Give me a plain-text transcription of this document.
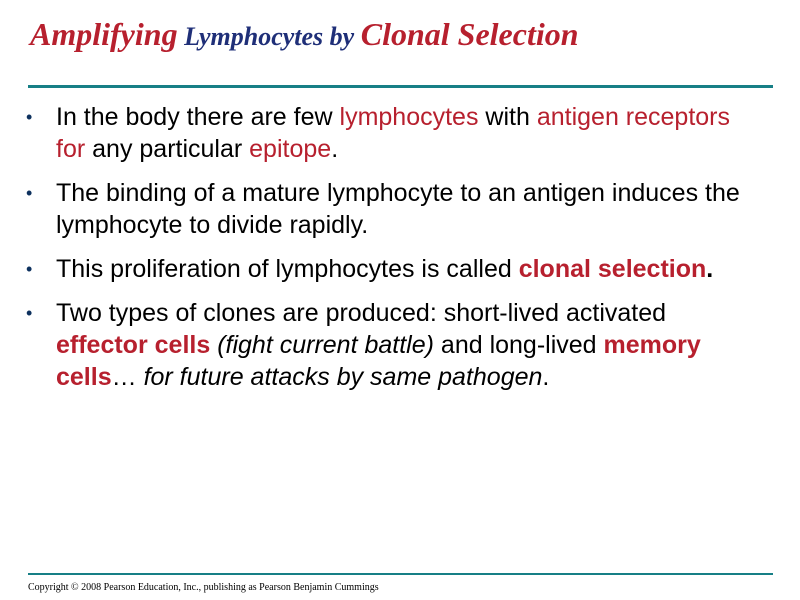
Amplifying Lymphocytes by Clonal Selection
• In the body there are few lymphocytes with antigen receptors for any particular epitope.
• The binding of a mature lymphocyte to an antigen induces the lymphocyte to divide rapidly.
• This proliferation of lymphocytes is called clonal selection.
• Two types of clones are produced: short-lived activated effector cells (fight current battle) and long-lived memory cells… for future attacks by same pathogen.
Copyright © 2008 Pearson Education, Inc., publishing as Pearson Benjamin Cummings
